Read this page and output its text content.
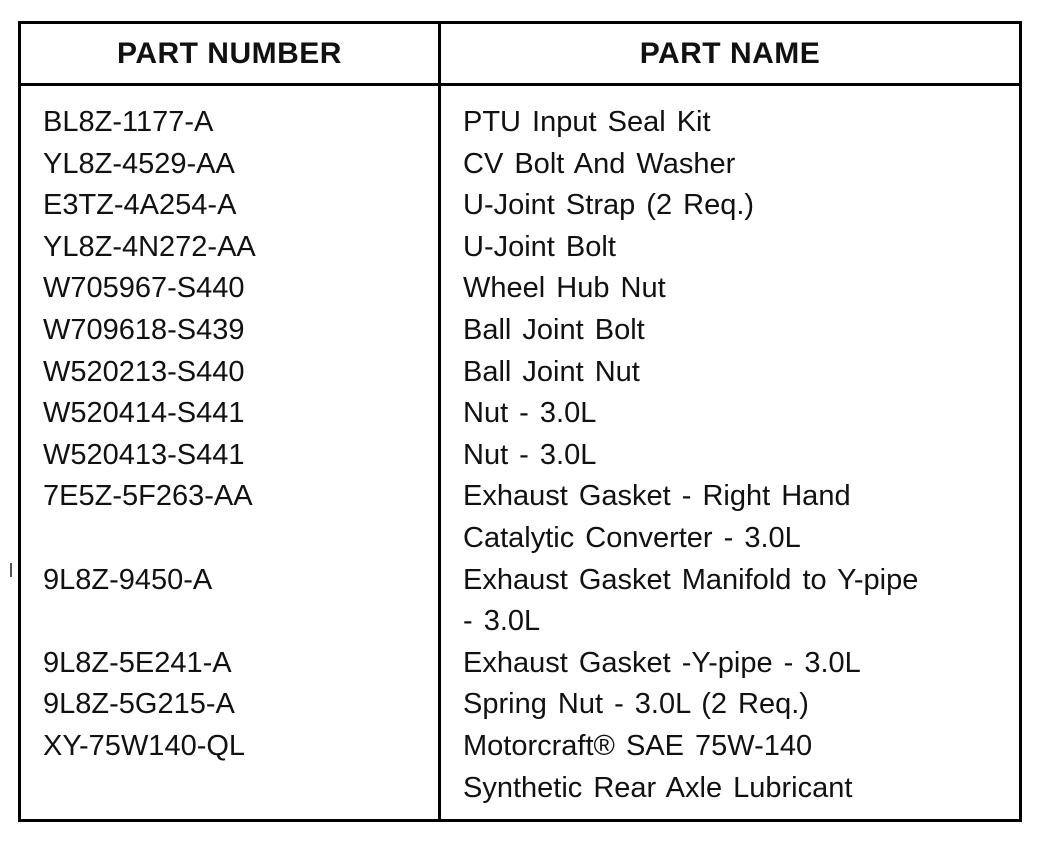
PART NUMBER	PART NAME
BL8Z-1177-A	PTU Input Seal Kit
YL8Z-4529-AA	CV Bolt And Washer
E3TZ-4A254-A	U-Joint Strap (2 Req.)
YL8Z-4N272-AA	U-Joint Bolt
W705967-S440	Wheel Hub Nut
W709618-S439	Ball Joint Bolt
W520213-S440	Ball Joint Nut
W520414-S441	Nut - 3.0L
W520413-S441	Nut - 3.0L
7E5Z-5F263-AA	Exhaust Gasket - Right Hand
Catalytic Converter - 3.0L
9L8Z-9450-A	Exhaust Gasket Manifold to Y-pipe
- 3.0L
9L8Z-5E241-A	Exhaust Gasket -Y-pipe - 3.0L
9L8Z-5G215-A	Spring Nut - 3.0L (2 Req.)
XY-75W140-QL	Motorcraft® SAE 75W-140
Synthetic Rear Axle Lubricant
